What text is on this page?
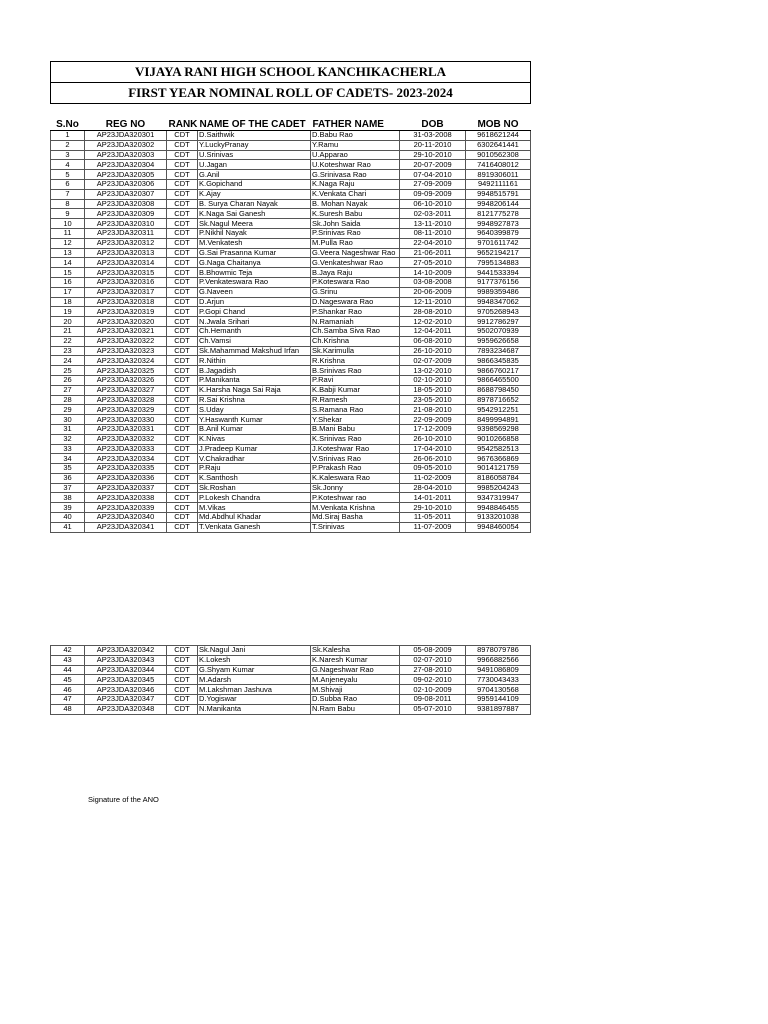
VIJAYA RANI HIGH SCHOOL KANCHIKACHERLA
FIRST YEAR NOMINAL ROLL OF CADETS- 2023-2024
S.No	REG NO	RANK	NAME OF THE CADET	FATHER NAME	DOB	MOB NO
1	AP23JDA320301	CDT	D.Saithwik	D.Babu Rao	31-03-2008	9618621244
2	AP23JDA320302	CDT	Y.LuckyPranay	Y.Ramu	20-11-2010	6302641441
3	AP23JDA320303	CDT	U.Srinivas	U.Apparao	29-10-2010	9010562308
4	AP23JDA320304	CDT	U.Jagan	U.Koteshwar Rao	20-07-2009	7416408012
5	AP23JDA320305	CDT	G.Anil	G.Srinivasa Rao	07-04-2010	8919306011
6	AP23JDA320306	CDT	K.Gopichand	K.Naga Raju	27-09-2009	9492111161
7	AP23JDA320307	CDT	K.Ajay	K.Venkata Chari	09-09-2009	9948515791
8	AP23JDA320308	CDT	B. Surya Charan Nayak	B. Mohan Nayak	06-10-2010	9948206144
9	AP23JDA320309	CDT	K.Naga Sai Ganesh	K.Suresh Babu	02-03-2011	8121775278
10	AP23JDA320310	CDT	Sk.Nagul Meera	Sk.John Saida	13-11-2010	9948927873
11	AP23JDA320311	CDT	P.Nikhil Nayak	P.Srinivas Rao	08-11-2010	9640399879
12	AP23JDA320312	CDT	M.Venkatesh	M.Pulla Rao	22-04-2010	9701611742
13	AP23JDA320313	CDT	G.Sai Prasanna Kumar	G.Veera Nageshwar Rao	21-06-2011	9652194217
14	AP23JDA320314	CDT	G.Naga Chaitanya	G.Venkateshwar Rao	27-05-2010	7995134883
15	AP23JDA320315	CDT	B.Bhowmic Teja	B.Jaya Raju	14-10-2009	9441533394
16	AP23JDA320316	CDT	P.Venkateswara Rao	P.Koteswara Rao	03-08-2008	9177376156
17	AP23JDA320317	CDT	G.Naveen	G.Srinu	20-06-2009	9989359486
18	AP23JDA320318	CDT	D.Arjun	D.Nageswara Rao	12-11-2010	9948347062
19	AP23JDA320319	CDT	P.Gopi Chand	P.Shankar Rao	28-08-2010	9705268943
20	AP23JDA320320	CDT	N.Jwala Srihari	N.Ramaniah	12-02-2010	9912786297
21	AP23JDA320321	CDT	Ch.Hemanth	Ch.Samba Siva Rao	12-04-2011	9502070939
22	AP23JDA320322	CDT	Ch.Vamsi	Ch.Krishna	06-08-2010	9959626658
23	AP23JDA320323	CDT	Sk.Mahammad Makshud Irfan	Sk.Karimulla	26-10-2010	7893234687
24	AP23JDA320324	CDT	R.Nithin	R.Krishna	02-07-2009	9866345835
25	AP23JDA320325	CDT	B.Jagadish	B.Srinivas Rao	13-02-2010	9866760217
26	AP23JDA320326	CDT	P.Manikanta	P.Ravi	02-10-2010	9866465500
27	AP23JDA320327	CDT	K.Harsha Naga Sai Raja	K.Babji Kumar	18-05-2010	8688798450
28	AP23JDA320328	CDT	R.Sai Krishna	R.Ramesh	23-05-2010	8978716652
29	AP23JDA320329	CDT	S.Uday	S.Ramana Rao	21-08-2010	9542912251
30	AP23JDA320330	CDT	Y.Haswanth Kumar	Y.Shekar	22-09-2009	8499994891
31	AP23JDA320331	CDT	B.Anil Kumar	B.Mani Babu	17-12-2009	9398569298
32	AP23JDA320332	CDT	K.Nivas	K.Srinivas Rao	26-10-2010	9010266858
33	AP23JDA320333	CDT	J.Pradeep Kumar	J.Koteshwar Rao	17-04-2010	9542582513
34	AP23JDA320334	CDT	V.Chakradhar	V.Srinivas Rao	26-06-2010	9676366869
35	AP23JDA320335	CDT	P.Raju	P.Prakash Rao	09-05-2010	9014121759
36	AP23JDA320336	CDT	K.Santhosh	K.Kaleswara Rao	11-02-2009	8186058784
37	AP23JDA320337	CDT	Sk.Roshan	Sk.Jonny	28-04-2010	9985204243
38	AP23JDA320338	CDT	P.Lokesh Chandra	P.Koteshwar rao	14-01-2011	9347319947
39	AP23JDA320339	CDT	M.Vikas	M.Venkata Krishna	29-10-2010	9948846455
40	AP23JDA320340	CDT	Md.Abdhul Khadar	Md.Siraj Basha	11-05-2011	9133201038
41	AP23JDA320341	CDT	T.Venkata Ganesh	T.Srinivas	11-07-2009	9948460054
42	AP23JDA320342	CDT	Sk.Nagul Jani	Sk.Kalesha	05-08-2009	8978079786
43	AP23JDA320343	CDT	K.Lokesh	K.Naresh Kumar	02-07-2010	9966882566
44	AP23JDA320344	CDT	G.Shyam Kumar	G.Nageshwar Rao	27-08-2010	9491086809
45	AP23JDA320345	CDT	M.Adarsh	M.Anjeneyalu	09-02-2010	7730043433
46	AP23JDA320346	CDT	M.Lakshman Jashuva	M.Shivaji	02-10-2009	9704130568
47	AP23JDA320347	CDT	D.Yogiswar	D.Subba Rao	09-08-2011	9959144109
48	AP23JDA320348	CDT	N.Manikanta	N.Ram Babu	05-07-2010	9381897887
Signature of the ANO
